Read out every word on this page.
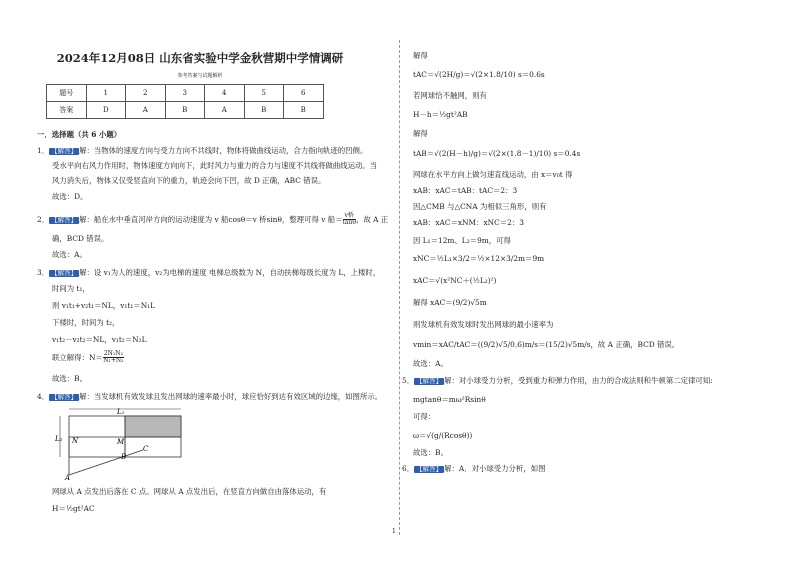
2024年12月08日 山东省实验中学金秋营期中学情调研
参考答案与试题解析
题号	1	2	3	4	5	6
答案	D	A	B	A	B	B
一．选择题（共 6 小题）
1． 【解答】 解：当物体的速度方向与受力方向不共线时，物体将做曲线运动，合力指向轨迹的凹侧。
受水平向右风力作用时，物体速度方向向下，此时风力与重力的合力与速度不共线将做曲线运动。当
风力消失后，物体又仅受竖直向下的重力，轨迹会向下凹，故 D 正确，ABC 错误。
故选：D。
2． 【解答】 解：船在水中垂直河岸方向的运动速度为 v 船cosθ＝v 桥sinθ，整理可得 v 船＝ $\frac{\text{v桥}}{\tan\theta}$ ，故 A 正
确，BCD 错误。
故选：A。
3． 【解答】 解：设 v₁为人的速度，v₂为电梯的速度 电梯总级数为 N，自动扶梯每级长度为 L，上楼时，
时间为 t₁，
则 v₁t₁+v₂t₁＝NL，v₁t₁＝N₁L
下楼时，时间为 t₂，
v₁t₂－v₂t₂＝NL，v₁t₂＝N₂L
联立解得：$N= \frac{\text{2N₁N₂}}{\text{N₁+N₂}}$
故选：B。
4． 【解答】 解：当发球机有效发球且发出网球的速率最小时，球应恰好到达有效区域的边缘，如图所示。
L₁
L₂ N	M
B
C
A
网球从 A 点发出后落在 C 点。网球从 A 点发出后，在竖直方向做自由落体运动，有
H＝½gt²AC
解得
tAC＝√(2H/g)＝√(2×1.8/10) s＝0.6s
若网球恰不触网，则有
H－h＝½gt²AB
解得
tAB＝√(2(H－h)/g)＝√(2×(1.8－1)/10) s＝0.4s
网球在水平方向上做匀速直线运动，由 x＝v₀t 得
xAB：xAC＝tAB：tAC＝2：3
因△CMB 与△CNA 为相似三角形，则有
xAB：xAC＝xNM：xNC＝2：3
因 L₁＝12m、L₂＝9m，可得
xNC＝½L₁×3/2＝½×12×3/2m＝9m
xAC＝√(x²NC＋(½L₂)²)
解得 xAC＝(9/2)√5m
则发球机有效发球时发出网球的最小速率为
vmin＝xAC/tAC＝((9/2)√5/0.6)m/s＝(15/2)√5m/s，故 A 正确，BCD 错误。
故选：A。
5． 【解答】 解：对小球受力分析，受到重力和弹力作用，由力的合成法则和牛顿第二定律可知:
mgtanθ＝mω²Rsinθ
可得：
ω＝√(g/(Rcosθ))
故选：B。
6． 【解答】 解：A．对小球受力分析，如图
1
